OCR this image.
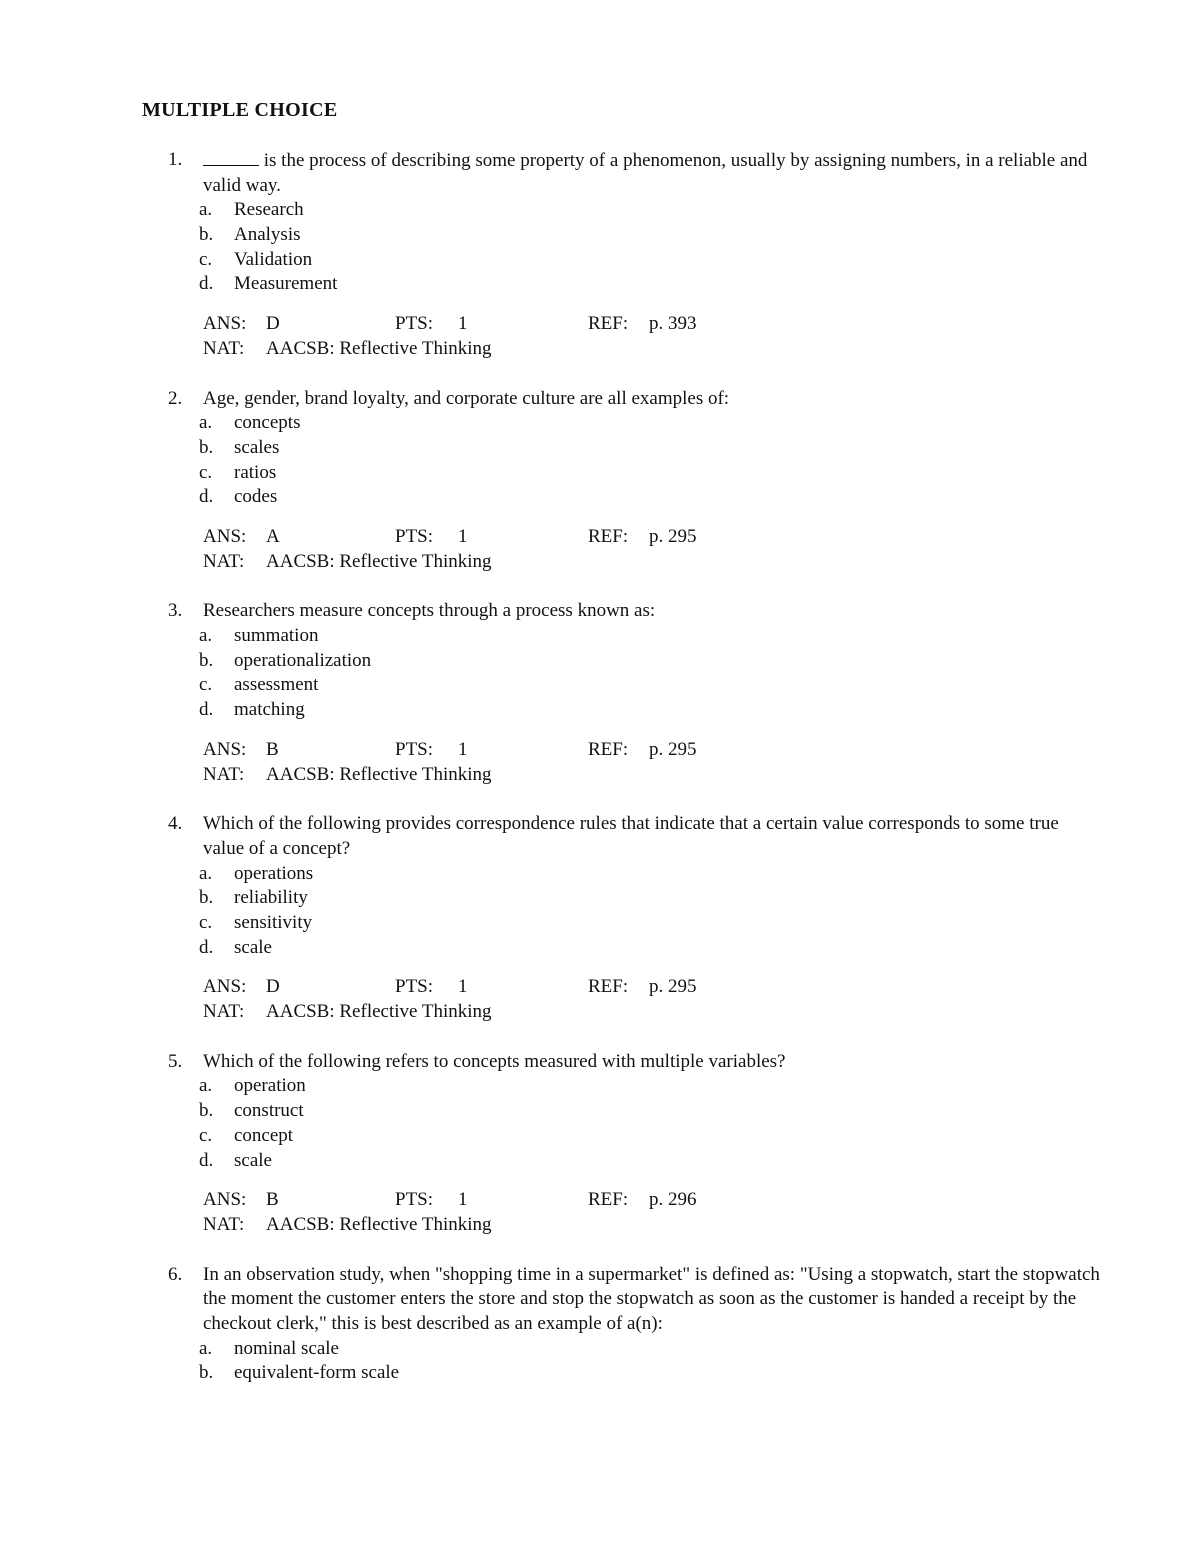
MULTIPLE CHOICE
1.	is the process of describing some property of a phenomenon, usually by assigning numbers, in a reliable and valid way.
a. Research
b. Analysis
c. Validation
d. Measurement
ANS: D	PTS: 1	REF: p. 393
NAT: AACSB: Reflective Thinking
2.	Age, gender, brand loyalty, and corporate culture are all examples of:
a. concepts
b. scales
c. ratios
d. codes
ANS: A	PTS: 1	REF: p. 295
NAT: AACSB: Reflective Thinking
3.	Researchers measure concepts through a process known as:
a. summation
b. operationalization
c. assessment
d. matching
ANS: B	PTS: 1	REF: p. 295
NAT: AACSB: Reflective Thinking
4.	Which of the following provides correspondence rules that indicate that a certain value corresponds to some true value of a concept?
a. operations
b. reliability
c. sensitivity
d. scale
ANS: D	PTS: 1	REF: p. 295
NAT: AACSB: Reflective Thinking
5.	Which of the following refers to concepts measured with multiple variables?
a. operation
b. construct
c. concept
d. scale
ANS: B	PTS: 1	REF: p. 296
NAT: AACSB: Reflective Thinking
6.	In an observation study, when "shopping time in a supermarket" is defined as: "Using a stopwatch, start the stopwatch the moment the customer enters the store and stop the stopwatch as soon as the customer is handed a receipt by the checkout clerk," this is best described as an example of a(n):
a. nominal scale
b. equivalent-form scale
